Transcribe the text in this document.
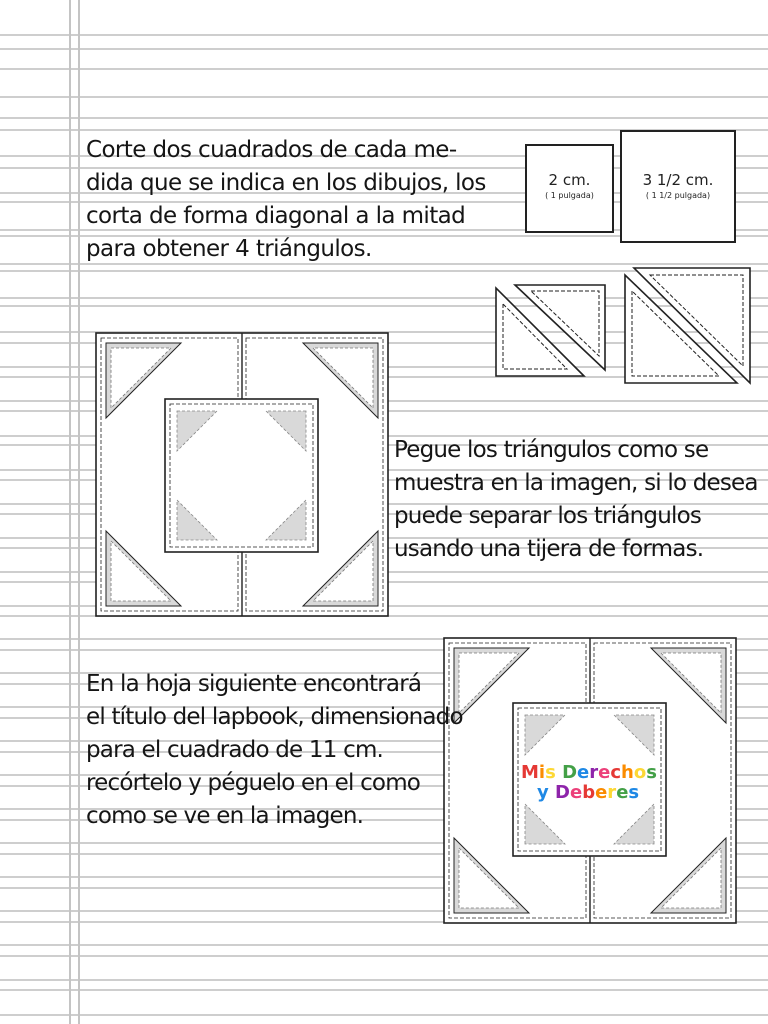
2 cm.
( 1 pulgada)
3 1/2 cm.
( 1 1/2 pulgada)
Corte dos cuadrados de cada me-
dida que se indica en los dibujos, los
corta de forma diagonal a la mitad
para obtener 4 triángulos.
Pegue los triángulos como se
muestra en la imagen, si lo desea
puede separar los triángulos
usando una tijera de formas.
En la hoja siguiente encontrará
el título del lapbook, dimensionado
para el cuadrado de 11 cm.
recórtelo y péguelo en el como
como se ve en la imagen.
Mis Derechos
y Deberes
